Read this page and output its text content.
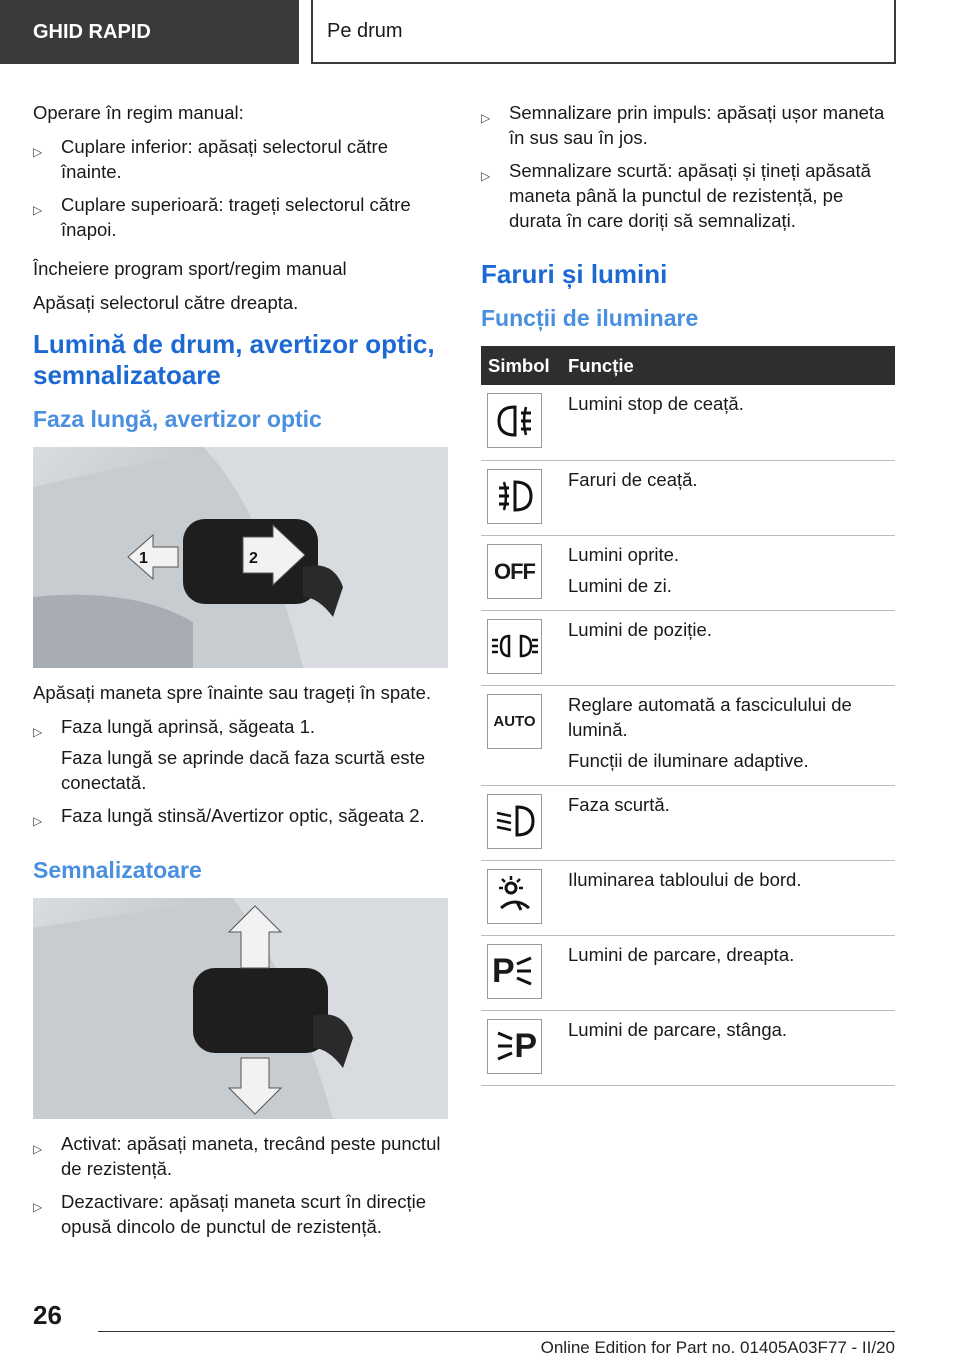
GHID RAPID	Pe drum

Operare în regim manual:

▷ Cuplare inferior: apăsați selectorul către înainte.
▷ Cuplare superioară: trageți selectorul către înapoi.

Încheiere program sport/regim manual

Apăsați selectorul către dreapta.

Lumină de drum, avertizor optic, semnalizatoare
Faza lungă, avertizor optic
1	2

Apăsați maneta spre înainte sau trageți în spate.

▷ Faza lungă aprinsă, săgeata 1.
Faza lungă se aprinde dacă faza scurtă este conectată.
▷ Faza lungă stinsă/Avertizor optic, săgeata 2.
Semnalizatoare
▷ Activat: apăsați maneta, trecând peste punctul de rezistență.
▷ Dezactivare: apăsați maneta scurt în direcție opusă dincolo de punctul de rezistență.
▷ Semnalizare prin impuls: apăsați ușor maneta în sus sau în jos.
▷ Semnalizare scurtă: apăsați și țineți apăsată maneta până la punctul de rezistență, pe durata în care doriți să semnalizați.
Faruri și lumini
Funcții de iluminare
Simbol	Funcție

Lumini stop de ceață.

Faruri de ceață.

OFF	Lumini oprite.

Lumini de zi.

Lumini de poziție.

AUTO	Reglare automată a fasciculului de lumină.

Funcții de iluminare adaptive.

Faza scurtă.

Iluminarea tabloului de bord.

P	Lumini de parcare, dreapta.

P	Lumini de parcare, stânga.

26
Online Edition for Part no. 01405A03F77 - II/20
